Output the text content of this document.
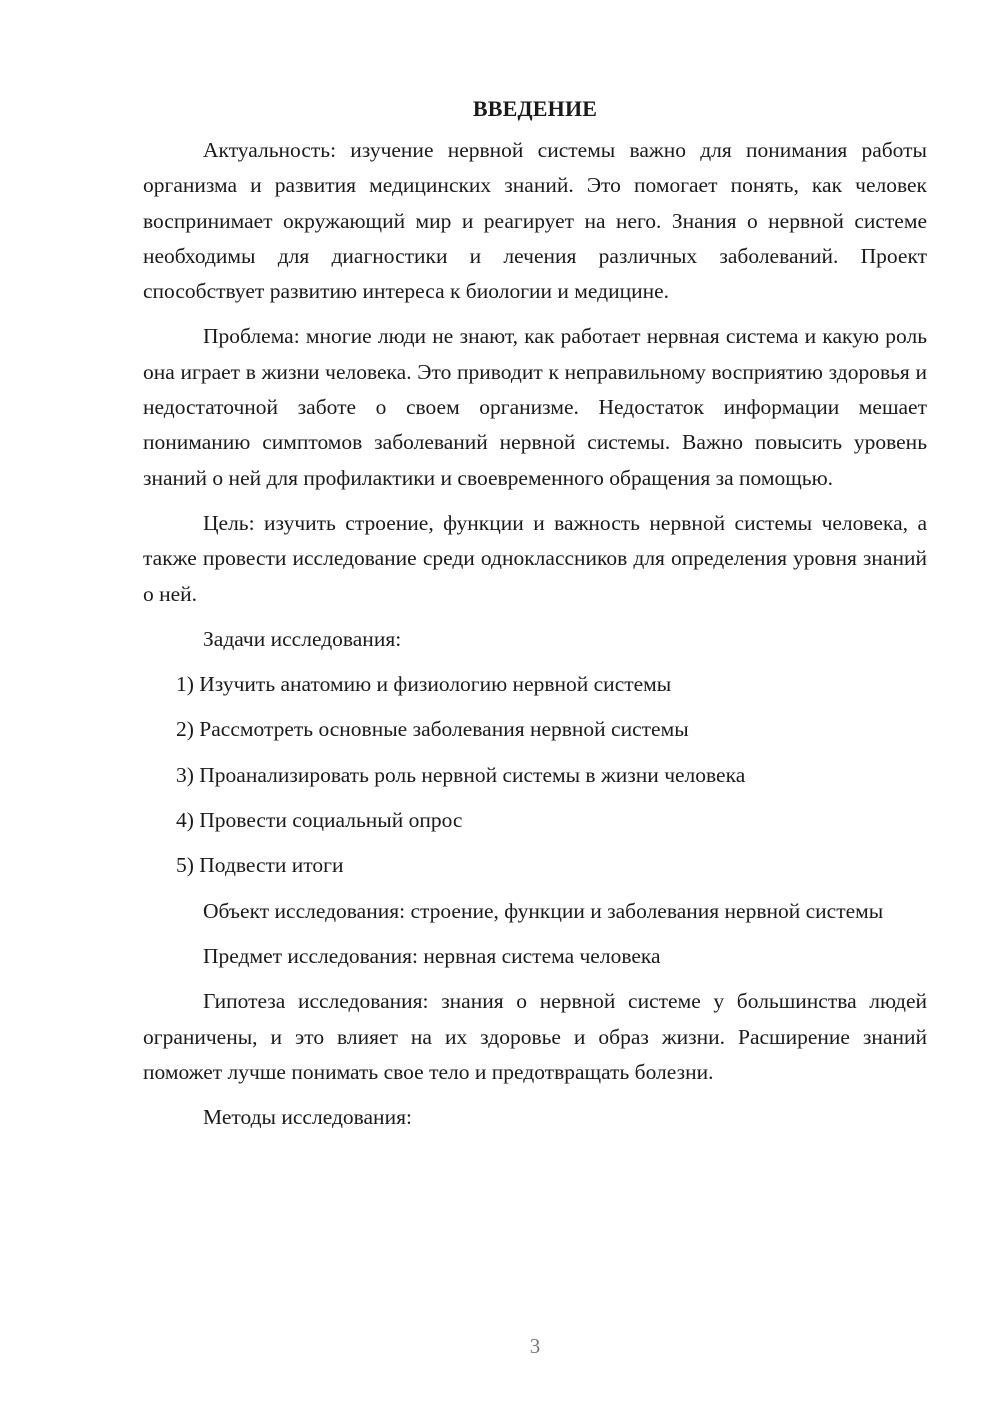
ВВЕДЕНИЕ

Актуальность: изучение нервной системы важно для понимания работы организма и развития медицинских знаний. Это помогает понять, как человек воспринимает окружающий мир и реагирует на него. Знания о нервной системе необходимы для диагностики и лечения различных заболеваний. Проект способствует развитию интереса к биологии и медицине.

Проблема: многие люди не знают, как работает нервная система и какую роль она играет в жизни человека. Это приводит к неправильному восприятию здоровья и недостаточной заботе о своем организме. Недостаток информации мешает пониманию симптомов заболеваний нервной системы. Важно повысить уровень знаний о ней для профилактики и своевременного обращения за помощью.

Цель: изучить строение, функции и важность нервной системы человека, а также провести исследование среди одноклассников для определения уровня знаний о ней.

Задачи исследования:

1) Изучить анатомию и физиологию нервной системы

2) Рассмотреть основные заболевания нервной системы

3) Проанализировать роль нервной системы в жизни человека

4) Провести социальный опрос

5) Подвести итоги

Объект исследования: строение, функции и заболевания нервной системы

Предмет исследования: нервная система человека

Гипотеза исследования: знания о нервной системе у большинства людей ограничены, и это влияет на их здоровье и образ жизни. Расширение знаний поможет лучше понимать свое тело и предотвращать болезни.

Методы исследования:

3
